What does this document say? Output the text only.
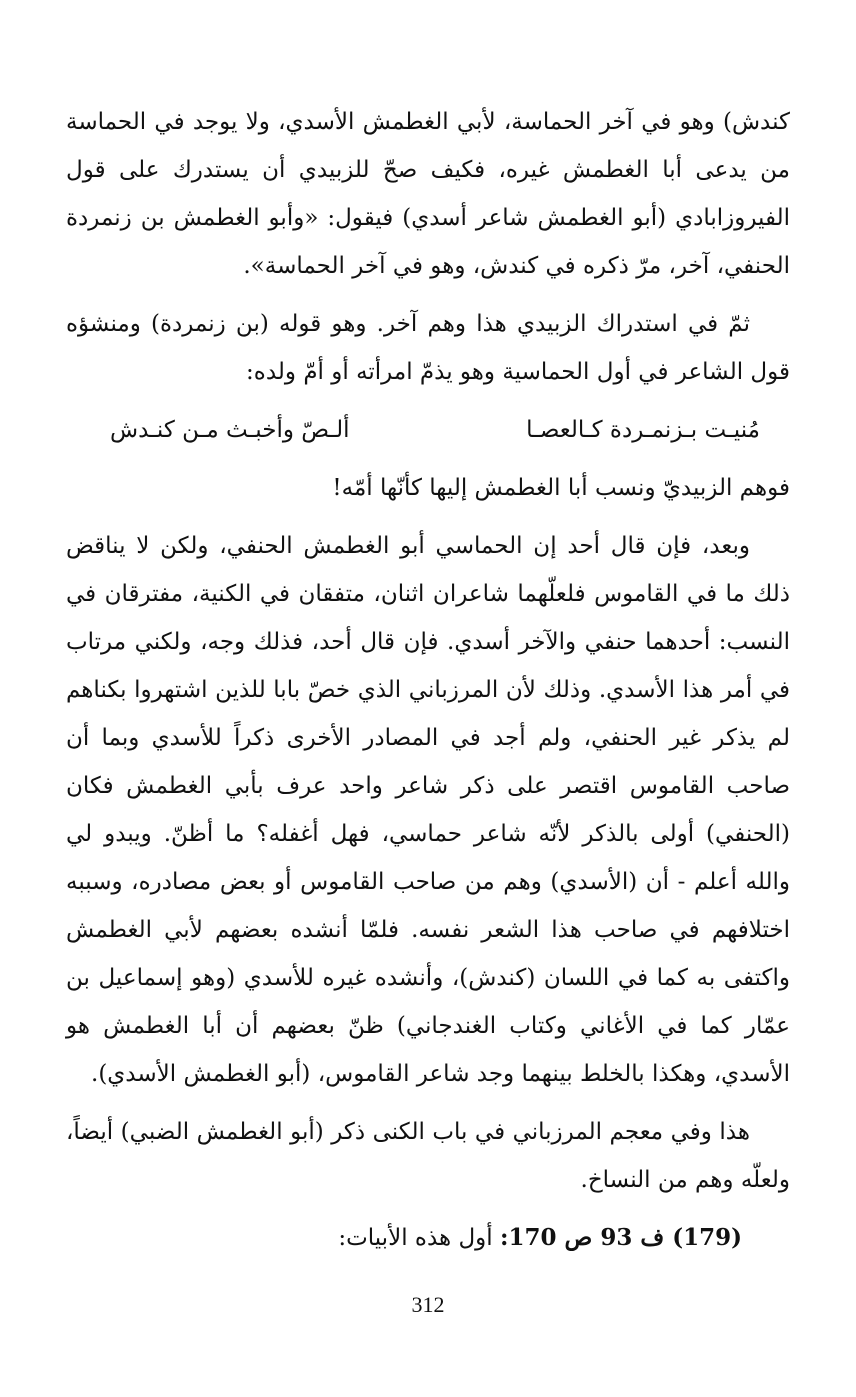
كندش) وهو في آخر الحماسة، لأبي الغطمش الأسدي، ولا يوجد في الحماسة من يدعى أبا الغطمش غيره، فكيف صحّ للزبيدي أن يستدرك على قول الفيروزابادي (أبو الغطمش شاعر أسدي) فيقول: «وأبو الغطمش بن زنمردة الحنفي، آخر، مرّ ذكره في كندش، وهو في آخر الحماسة».

ثمّ في استدراك الزبيدي هذا وهم آخر. وهو قوله (بن زنمردة) ومنشؤه قول الشاعر في أول الحماسية وهو يذمّ امرأته أو أمّ ولده:

مُنيـت بـزنمـردة كـالعصـا
ألـصّ وأخبـث مـن كنـدش

فوهم الزبيديّ ونسب أبا الغطمش إليها كأنّها أمّه!

وبعد، فإن قال أحد إن الحماسي أبو الغطمش الحنفي، ولكن لا يناقض ذلك ما في القاموس فلعلّهما شاعران اثنان، متفقان في الكنية، مفترقان في النسب: أحدهما حنفي والآخر أسدي. فإن قال أحد، فذلك وجه، ولكني مرتاب في أمر هذا الأسدي. وذلك لأن المرزباني الذي خصّ بابا للذين اشتهروا بكناهم لم يذكر غير الحنفي، ولم أجد في المصادر الأخرى ذكراً للأسدي وبما أن صاحب القاموس اقتصر على ذكر شاعر واحد عرف بأبي الغطمش فكان (الحنفي) أولى بالذكر لأنّه شاعر حماسي، فهل أغفله؟ ما أظنّ. ويبدو لي والله أعلم - أن (الأسدي) وهم من صاحب القاموس أو بعض مصادره، وسببه اختلافهم في صاحب هذا الشعر نفسه. فلمّا أنشده بعضهم لأبي الغطمش واكتفى به كما في اللسان (كندش)، وأنشده غيره للأسدي (وهو إسماعيل بن عمّار كما في الأغاني وكتاب الغندجاني) ظنّ بعضهم أن أبا الغطمش هو الأسدي، وهكذا بالخلط بينهما وجد شاعر القاموس، (أبو الغطمش الأسدي).

هذا وفي معجم المرزباني في باب الكنى ذكر (أبو الغطمش الضبي) أيضاً، ولعلّه وهم من النساخ.

(179) ف 93 ص 170: أول هذه الأبيات:

312
